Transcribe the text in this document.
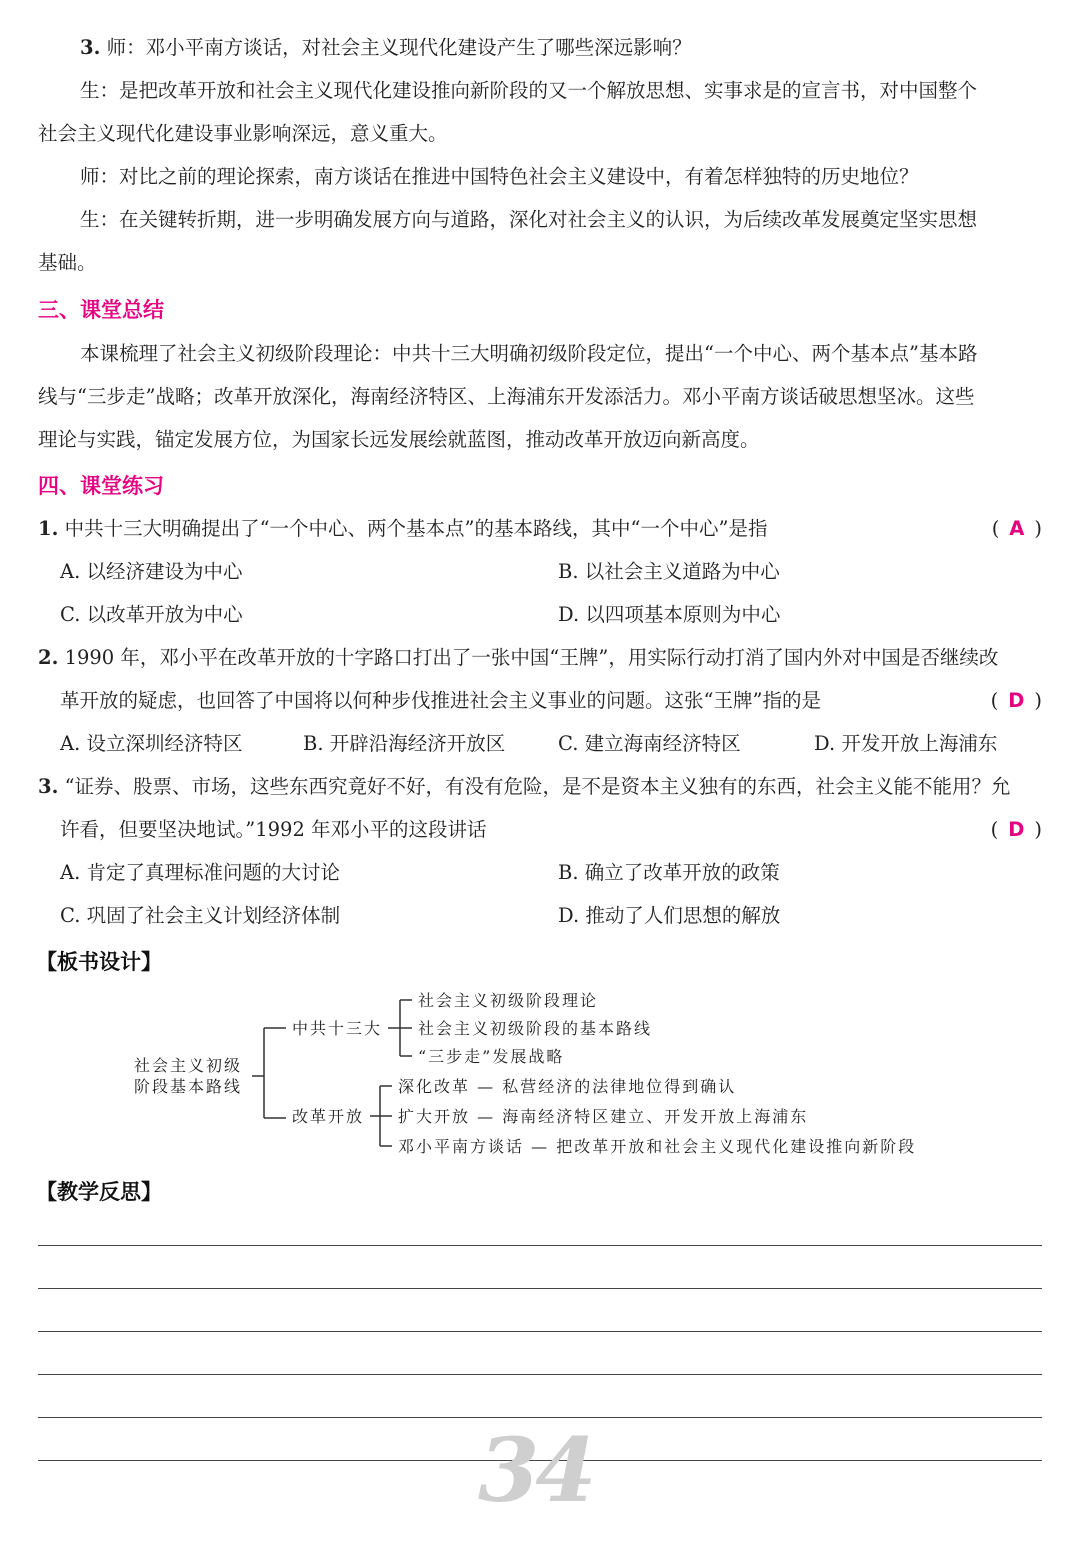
3. 师：邓小平南方谈话，对社会主义现代化建设产生了哪些深远影响？
生：是把改革开放和社会主义现代化建设推向新阶段的又一个解放思想、实事求是的宣言书，对中国整个
社会主义现代化建设事业影响深远，意义重大。
师：对比之前的理论探索，南方谈话在推进中国特色社会主义建设中，有着怎样独特的历史地位？
生：在关键转折期，进一步明确发展方向与道路，深化对社会主义的认识，为后续改革发展奠定坚实思想
基础。
三、课堂总结
本课梳理了社会主义初级阶段理论：中共十三大明确初级阶段定位，提出“一个中心、两个基本点”基本路
线与“三步走”战略；改革开放深化，海南经济特区、上海浦东开发添活力。邓小平南方谈话破思想坚冰。这些
理论与实践，锚定发展方位，为国家长远发展绘就蓝图，推动改革开放迈向新高度。
四、课堂练习
1. 中共十三大明确提出了“一个中心、两个基本点”的基本路线，其中“一个中心”是指	( A )
A. 以经济建设为中心	B. 以社会主义道路为中心
C. 以改革开放为中心	D. 以四项基本原则为中心
2. 1990 年，邓小平在改革开放的十字路口打出了一张中国“王牌”，用实际行动打消了国内外对中国是否继续改
革开放的疑虑，也回答了中国将以何种步伐推进社会主义事业的问题。这张“王牌”指的是	( D )
A. 设立深圳经济特区	B. 开辟沿海经济开放区	C. 建立海南经济特区	D. 开发开放上海浦东
3. “证券、股票、市场，这些东西究竟好不好，有没有危险，是不是资本主义独有的东西，社会主义能不能用？允
许看，但要坚决地试。”1992 年邓小平的这段讲话	( D )
A. 肯定了真理标准问题的大讨论	B. 确立了改革开放的政策
C. 巩固了社会主义计划经济体制	D. 推动了人们思想的解放
【板书设计】
社会主义初级
阶段基本路线
中共十三大
社会主义初级阶段理论
社会主义初级阶段的基本路线
“三步走”发展战略
改革开放
深化改革 — 私营经济的法律地位得到确认
扩大开放 — 海南经济特区建立、开发开放上海浦东
邓小平南方谈话 — 把改革开放和社会主义现代化建设推向新阶段
【教学反思】
34
